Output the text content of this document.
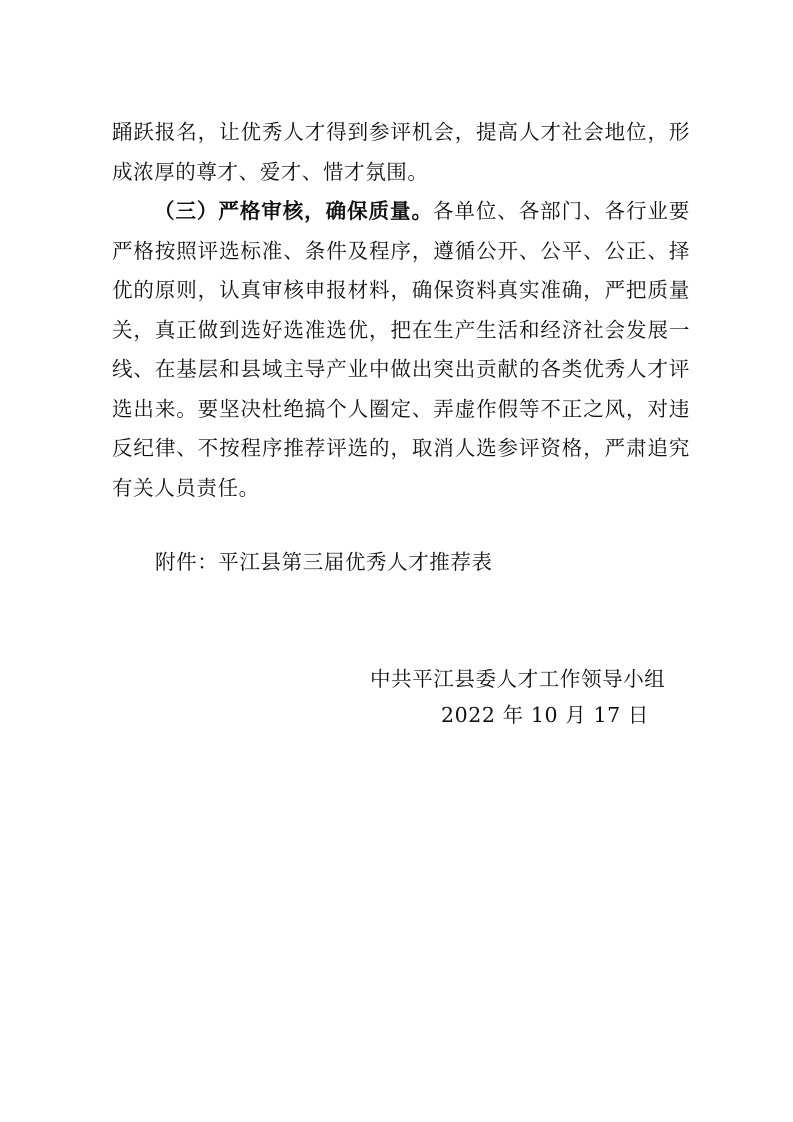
踊跃报名，让优秀人才得到参评机会，提高人才社会地位，形成浓厚的尊才、爱才、惜才氛围。

（三）严格审核，确保质量。各单位、各部门、各行业要严格按照评选标准、条件及程序，遵循公开、公平、公正、择优的原则，认真审核申报材料，确保资料真实准确，严把质量关，真正做到选好选准选优，把在生产生活和经济社会发展一线、在基层和县域主导产业中做出突出贡献的各类优秀人才评选出来。要坚决杜绝搞个人圈定、弄虚作假等不正之风，对违反纪律、不按程序推荐评选的，取消人选参评资格，严肃追究有关人员责任。

附件：平江县第三届优秀人才推荐表
中共平江县委人才工作领导小组
2022 年 10 月 17 日
